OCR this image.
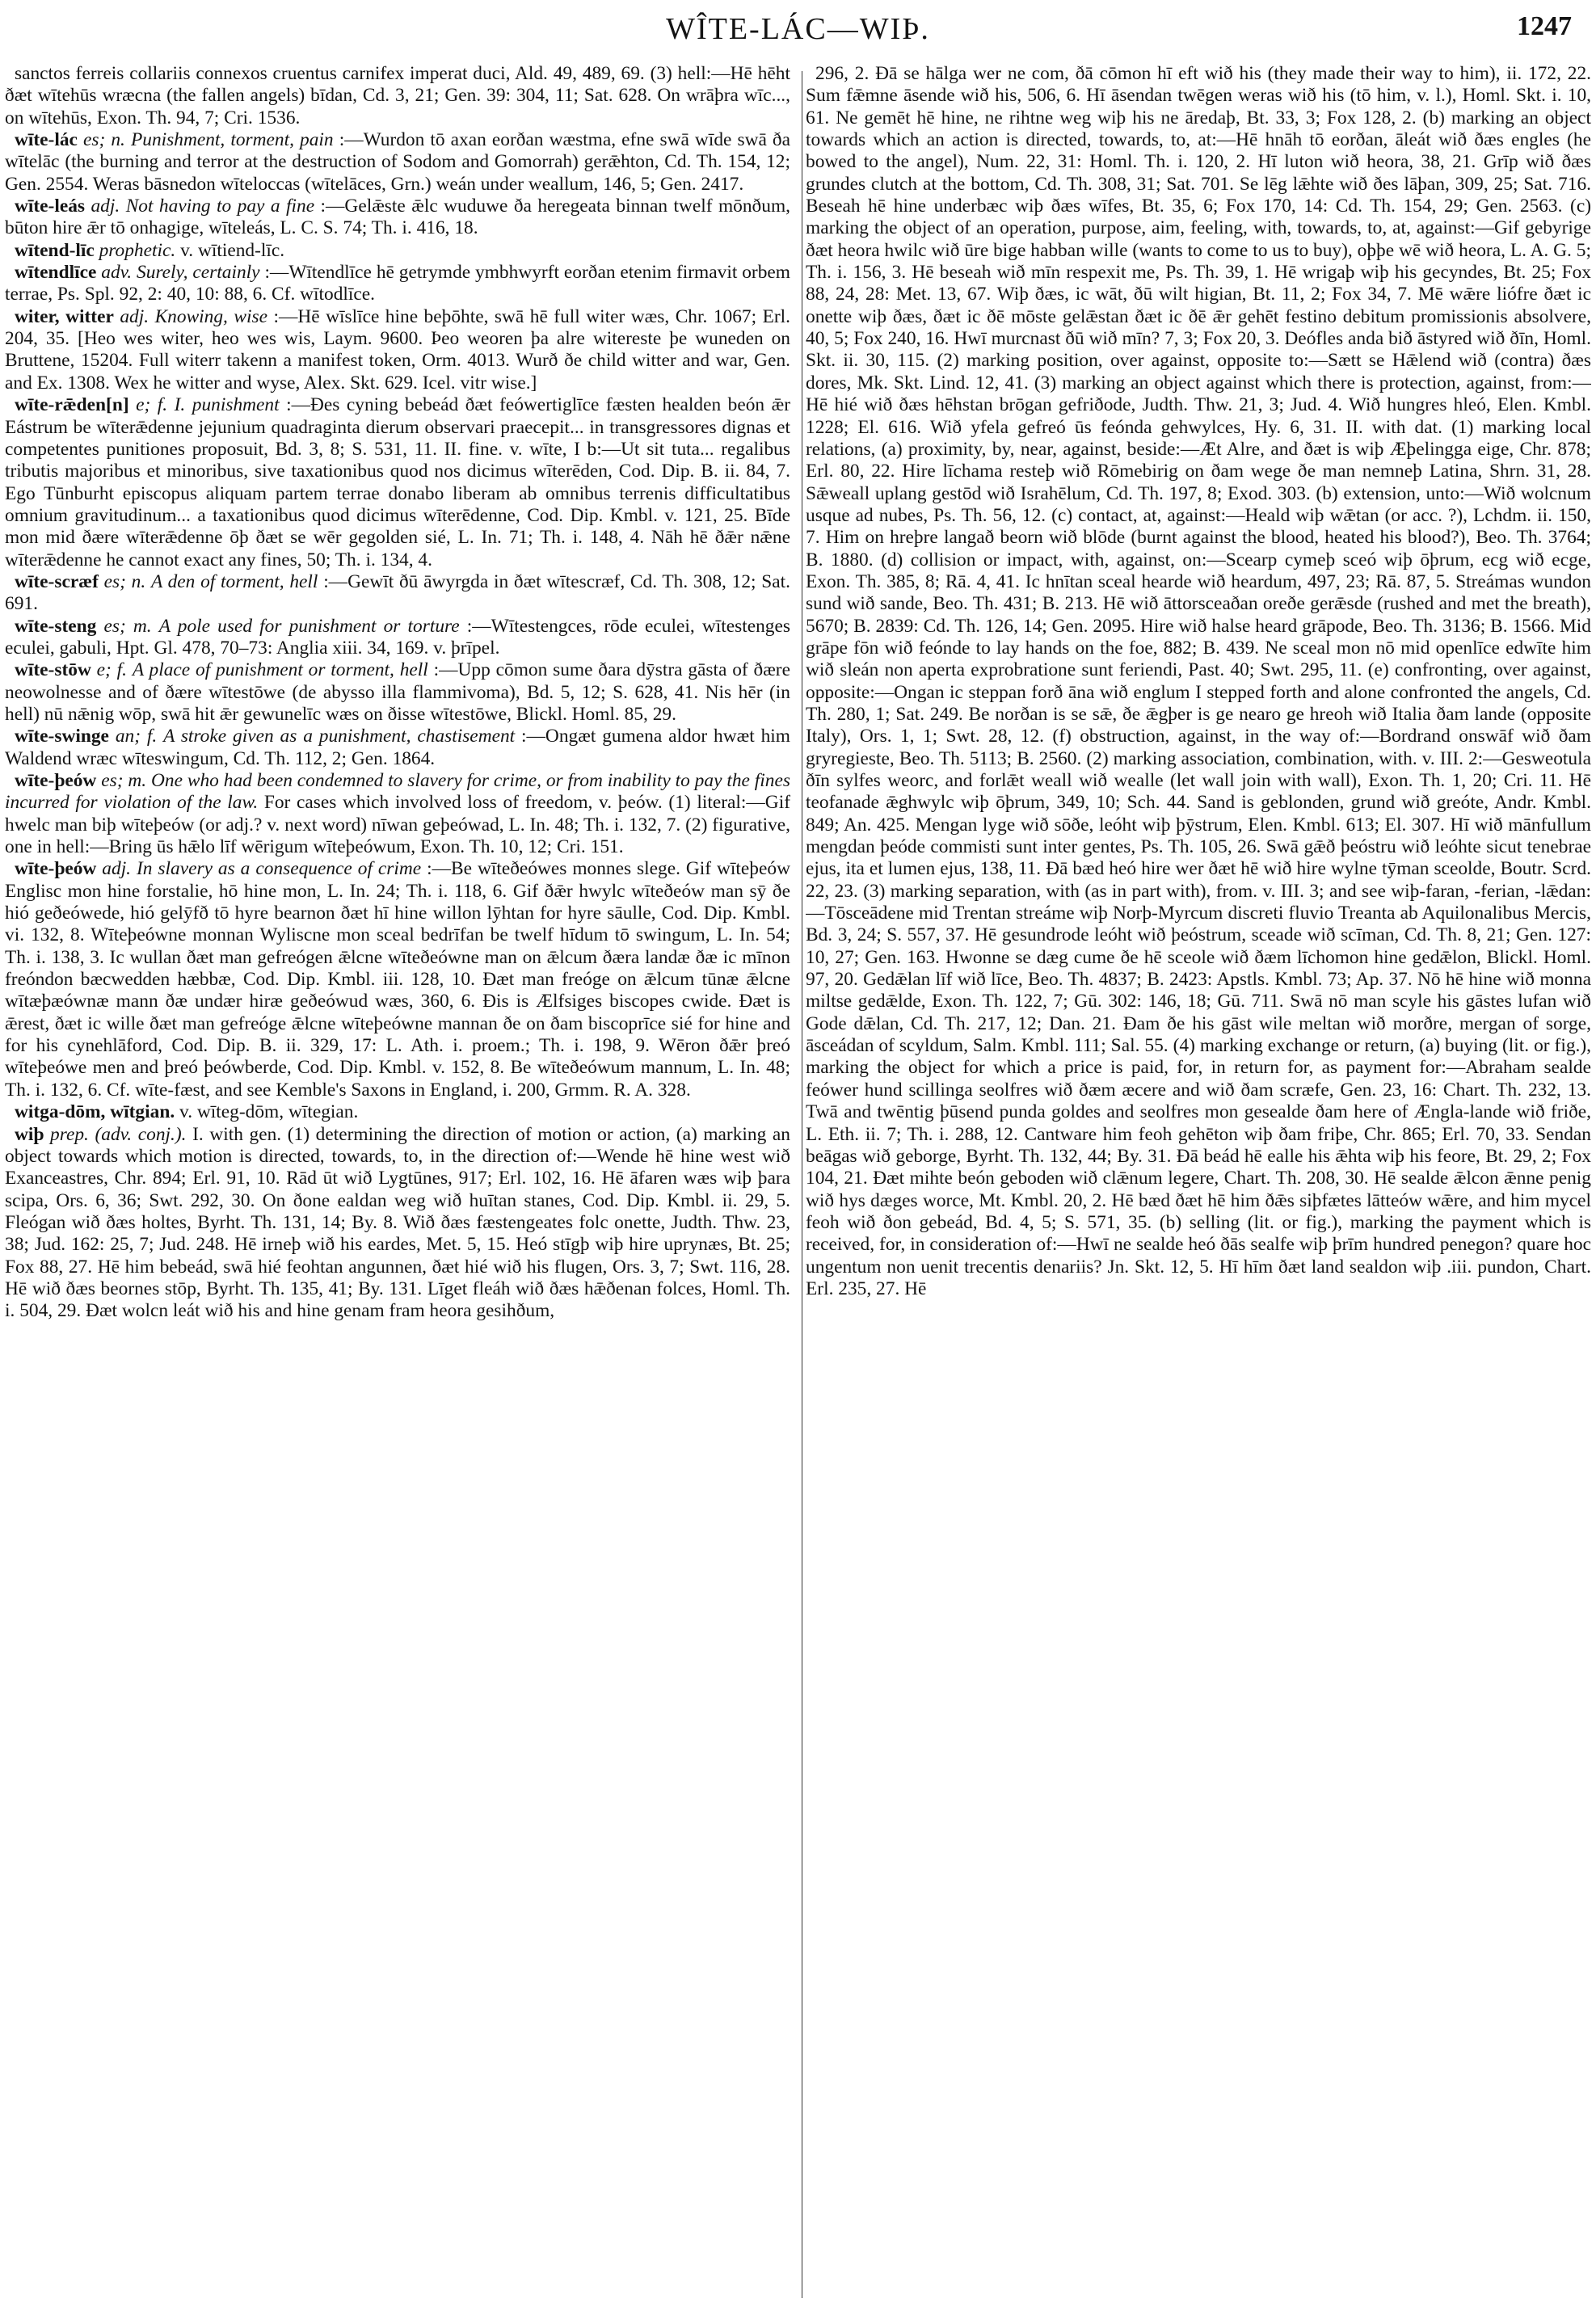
WÎTE-LÁC—WIÞ.	1247

sanctos ferreis collariis connexos cruentus carnifex imperat duci, Ald. 49, 489, 69. (3) hell:—Hē hēht ðæt wītehūs wræcna (the fallen angels) bīdan, Cd. 3, 21; Gen. 39: 304, 11; Sat. 628. On wrāþra wīc..., on wītehūs, Exon. Th. 94, 7; Cri. 1536.

wīte-lác es; n. Punishment, torment, pain :—Wurdon tō axan eorðan wæstma, efne swā wīde swā ða wītelāc (the burning and terror at the destruction of Sodom and Gomorrah) gerǣhton, Cd. Th. 154, 12; Gen. 2554. Weras bāsnedon wīteloccas (wītelāces, Grn.) weán under weallum, 146, 5; Gen. 2417.

wīte-leás adj. Not having to pay a fine :—Gelǣste ǣlc wuduwe ða heregeata binnan twelf mōnðum, būton hire ǣr tō onhagige, wīteleás, L. C. S. 74; Th. i. 416, 18.

wītend-līc prophetic. v. wītiend-līc.

wītendlīce adv. Surely, certainly :—Wītendlīce hē getrymde ymbhwyrft eorðan etenim firmavit orbem terrae, Ps. Spl. 92, 2: 40, 10: 88, 6. Cf. wītodlīce.

witer, witter adj. Knowing, wise :—Hē wīslīce hine beþōhte, swā hē full witer wæs, Chr. 1067; Erl. 204, 35. [Heo wes witer, heo wes wis, Laym. 9600. Þeo weoren þa alre witereste þe wuneden on Bruttene, 15204. Full witerr takenn a manifest token, Orm. 4013. Wurð ðe child witter and war, Gen. and Ex. 1308. Wex he witter and wyse, Alex. Skt. 629. Icel. vitr wise.]

wīte-rǣden[n] e; f. I. punishment :—Ðes cyning bebeád ðæt feówertiglīce fæsten healden beón ǣr Eástrum be wīterǣdenne jejunium quadraginta dierum observari praecepit... in transgressores dignas et competentes punitiones proposuit, Bd. 3, 8; S. 531, 11. II. fine. v. wīte, I b:—Ut sit tuta... regalibus tributis majoribus et minoribus, sive taxationibus quod nos dicimus wīterēden, Cod. Dip. B. ii. 84, 7. Ego Tūnburht episcopus aliquam partem terrae donabo liberam ab omnibus terrenis difficultatibus omnium gravitudinum... a taxationibus quod dicimus wīterēdenne, Cod. Dip. Kmbl. v. 121, 25. Bīde mon mid ðære wīterǣdenne ōþ ðæt se wēr gegolden sié, L. In. 71; Th. i. 148, 4. Nāh hē ðǣr nǣne wīterǣdenne he cannot exact any fines, 50; Th. i. 134, 4.

wīte-scræf es; n. A den of torment, hell :—Gewīt ðū āwyrgda in ðæt wītescræf, Cd. Th. 308, 12; Sat. 691.

wīte-steng es; m. A pole used for punishment or torture :—Wītestengces, rōde eculei, wītestenges eculei, gabuli, Hpt. Gl. 478, 70–73: Anglia xiii. 34, 169. v. þrīpel.

wīte-stōw e; f. A place of punishment or torment, hell :—Upp cōmon sume ðara dȳstra gāsta of ðære neowolnesse and of ðære wītestōwe (de abysso illa flammivoma), Bd. 5, 12; S. 628, 41. Nis hēr (in hell) nū nǣnig wōp, swā hit ǣr gewunelīc wæs on ðisse wītestōwe, Blickl. Homl. 85, 29.

wīte-swinge an; f. A stroke given as a punishment, chastisement :—Ongæt gumena aldor hwæt him Waldend wræc wīteswingum, Cd. Th. 112, 2; Gen. 1864.

wīte-þeów es; m. One who had been condemned to slavery for crime, or from inability to pay the fines incurred for violation of the law. For cases which involved loss of freedom, v. þeów. (1) literal:—Gif hwelc man biþ wīteþeów (or adj.? v. next word) nīwan geþeówad, L. In. 48; Th. i. 132, 7. (2) figurative, one in hell:—Bring ūs hǣlo līf wērigum wīteþeówum, Exon. Th. 10, 12; Cri. 151.

wīte-þeów adj. In slavery as a consequence of crime :—Be wīteðeówes monnes slege. Gif wīteþeów Englisc mon hine forstalie, hō hine mon, L. In. 24; Th. i. 118, 6. Gif ðǣr hwylc wīteðeów man sȳ ðe hió geðeówede, hió gelȳfð tō hyre bearnon ðæt hī hine willon lȳhtan for hyre sāulle, Cod. Dip. Kmbl. vi. 132, 8. Wīteþeówne monnan Wyliscne mon sceal bedrīfan be twelf hīdum tō swingum, L. In. 54; Th. i. 138, 3. Ic wullan ðæt man gefreógen ǣlcne wīteðeówne man on ǣlcum ðæra landæ ðæ ic mīnon freóndon bæcwedden hæbbæ, Cod. Dip. Kmbl. iii. 128, 10. Ðæt man freóge on ǣlcum tūnæ ǣlcne wītæþæównæ mann ðæ undær hiræ geðeówud wæs, 360, 6. Ðis is Ælfsiges biscopes cwide. Ðæt is ǣrest, ðæt ic wille ðæt man gefreóge ǣlcne wīteþeówne mannan ðe on ðam biscoprīce sié for hine and for his cynehlāford, Cod. Dip. B. ii. 329, 17: L. Ath. i. proem.; Th. i. 198, 9. Wēron ðǣr þreó wīteþeówe men and þreó þeówberde, Cod. Dip. Kmbl. v. 152, 8. Be wīteðeówum mannum, L. In. 48; Th. i. 132, 6. Cf. wīte-fæst, and see Kemble's Saxons in England, i. 200, Grmm. R. A. 328.

witga-dōm, wītgian. v. wīteg-dōm, wītegian.

wiþ prep. (adv. conj.). I. with gen. (1) determining the direction of motion or action, (a) marking an object towards which motion is directed, towards, to, in the direction of:—Wende hē hine west wið Exanceastres, Chr. 894; Erl. 91, 10. Rād ūt wið Lygtūnes, 917; Erl. 102, 16. Hē āfaren wæs wiþ þara scipa, Ors. 6, 36; Swt. 292, 30. On ðone ealdan weg wið huītan stanes, Cod. Dip. Kmbl. ii. 29, 5. Fleógan wið ðæs holtes, Byrht. Th. 131, 14; By. 8. Wið ðæs fæstengeates folc onette, Judth. Thw. 23, 38; Jud. 162: 25, 7; Jud. 248. Hē irneþ wið his eardes, Met. 5, 15. Heó stīgþ wiþ hire uprynæs, Bt. 25; Fox 88, 27. Hē him bebeád, swā hié feohtan angunnen, ðæt hié wið his flugen, Ors. 3, 7; Swt. 116, 28. Hē wið ðæs beornes stōp, Byrht. Th. 135, 41; By. 131. Līget fleáh wið ðæs hǣðenan folces, Homl. Th. i. 504, 29. Ðæt wolcn leát wið his and hine genam fram heora gesihðum,

296, 2. Ðā se hālga wer ne com, ðā cōmon hī eft wið his (they made their way to him), ii. 172, 22. Sum fǣmne āsende wið his, 506, 6. Hī āsendan twēgen weras wið his (tō him, v. l.), Homl. Skt. i. 10, 61. Ne gemēt hē hine, ne rihtne weg wiþ his ne āredaþ, Bt. 33, 3; Fox 128, 2. (b) marking an object towards which an action is directed, towards, to, at:—Hē hnāh tō eorðan, āleát wið ðæs engles (he bowed to the angel), Num. 22, 31: Homl. Th. i. 120, 2. Hī luton wið heora, 38, 21. Grīp wið ðæs grundes clutch at the bottom, Cd. Th. 308, 31; Sat. 701. Se lēg lǣhte wið ðes lāþan, 309, 25; Sat. 716. Beseah hē hine underbæc wiþ ðæs wīfes, Bt. 35, 6; Fox 170, 14: Cd. Th. 154, 29; Gen. 2563. (c) marking the object of an operation, purpose, aim, feeling, with, towards, to, at, against:—Gif gebyrige ðæt heora hwilc wið ūre bige habban wille (wants to come to us to buy), oþþe wē wið heora, L. A. G. 5; Th. i. 156, 3. Hē beseah wið mīn respexit me, Ps. Th. 39, 1. Hē wrigaþ wiþ his gecyndes, Bt. 25; Fox 88, 24, 28: Met. 13, 67. Wiþ ðæs, ic wāt, ðū wilt higian, Bt. 11, 2; Fox 34, 7. Mē wǣre liófre ðæt ic onette wiþ ðæs, ðæt ic ðē mōste gelǣstan ðæt ic ðē ǣr gehēt festino debitum promissionis absolvere, 40, 5; Fox 240, 16. Hwī murcnast ðū wið mīn? 7, 3; Fox 20, 3. Deófles anda bið āstyred wið ðīn, Homl. Skt. ii. 30, 115. (2) marking position, over against, opposite to:—Sætt se Hǣlend wið (contra) ðæs dores, Mk. Skt. Lind. 12, 41. (3) marking an object against which there is protection, against, from:—Hē hié wið ðæs hēhstan brōgan gefriðode, Judth. Thw. 21, 3; Jud. 4. Wið hungres hleó, Elen. Kmbl. 1228; El. 616. Wið yfela gefreó ūs feónda gehwylces, Hy. 6, 31. II. with dat. (1) marking local relations, (a) proximity, by, near, against, beside:—Æt Alre, and ðæt is wiþ Æþelingga eige, Chr. 878; Erl. 80, 22. Hire līchama resteþ wið Rōmebirig on ðam wege ðe man nemneþ Latina, Shrn. 31, 28. Sǣweall uplang gestōd wið Israhēlum, Cd. Th. 197, 8; Exod. 303. (b) extension, unto:—Wið wolcnum usque ad nubes, Ps. Th. 56, 12. (c) contact, at, against:—Heald wiþ wǣtan (or acc. ?), Lchdm. ii. 150, 7. Him on hreþre langað beorn wið blōde (burnt against the blood, heated his blood?), Beo. Th. 3764; B. 1880. (d) collision or impact, with, against, on:—Scearp cymeþ sceó wiþ ōþrum, ecg wið ecge, Exon. Th. 385, 8; Rā. 4, 41. Ic hnītan sceal hearde wið heardum, 497, 23; Rā. 87, 5. Streámas wundon sund wið sande, Beo. Th. 431; B. 213. Hē wið āttorsceaðan oreðe gerǣsde (rushed and met the breath), 5670; B. 2839: Cd. Th. 126, 14; Gen. 2095. Hire wið halse heard grāpode, Beo. Th. 3136; B. 1566. Mid grāpe fōn wið feónde to lay hands on the foe, 882; B. 439. Ne sceal mon nō mid openlīce edwīte him wið sleán non aperta exprobratione sunt feriendi, Past. 40; Swt. 295, 11. (e) confronting, over against, opposite:—Ongan ic steppan forð āna wið englum I stepped forth and alone confronted the angels, Cd. Th. 280, 1; Sat. 249. Be norðan is se sǣ, ðe ǣgþer is ge nearo ge hreoh wið Italia ðam lande (opposite Italy), Ors. 1, 1; Swt. 28, 12. (f) obstruction, against, in the way of:—Bordrand onswāf wið ðam gryregieste, Beo. Th. 5113; B. 2560. (2) marking association, combination, with. v. III. 2:—Gesweotula ðīn sylfes weorc, and forlǣt weall wið wealle (let wall join with wall), Exon. Th. 1, 20; Cri. 11. Hē teofanade ǣghwylc wiþ ōþrum, 349, 10; Sch. 44. Sand is geblonden, grund wið greóte, Andr. Kmbl. 849; An. 425. Mengan lyge wið sōðe, leóht wiþ þȳstrum, Elen. Kmbl. 613; El. 307. Hī wið mānfullum mengdan þeóde commisti sunt inter gentes, Ps. Th. 105, 26. Swā gǣð þeóstru wið leóhte sicut tenebrae ejus, ita et lumen ejus, 138, 11. Ðā bæd heó hire wer ðæt hē wið hire wylne tȳman sceolde, Boutr. Scrd. 22, 23. (3) marking separation, with (as in part with), from. v. III. 3; and see wiþ-faran, -ferian, -lǣdan:—Tōsceādene mid Trentan streáme wiþ Norþ-Myrcum discreti fluvio Treanta ab Aquilonalibus Mercis, Bd. 3, 24; S. 557, 37. Hē gesundrode leóht wið þeóstrum, sceade wið scīman, Cd. Th. 8, 21; Gen. 127: 10, 27; Gen. 163. Hwonne se dæg cume ðe hē sceole wið ðæm līchomon hine gedǣlon, Blickl. Homl. 97, 20. Gedǣlan līf wið līce, Beo. Th. 4837; B. 2423: Apstls. Kmbl. 73; Ap. 37. Nō hē hine wið monna miltse gedǣlde, Exon. Th. 122, 7; Gū. 302: 146, 18; Gū. 711. Swā nō man scyle his gāstes lufan wið Gode dǣlan, Cd. Th. 217, 12; Dan. 21. Ðam ðe his gāst wile meltan wið morðre, mergan of sorge, āsceádan of scyldum, Salm. Kmbl. 111; Sal. 55. (4) marking exchange or return, (a) buying (lit. or fig.), marking the object for which a price is paid, for, in return for, as payment for:—Abraham sealde feówer hund scillinga seolfres wið ðæm æcere and wið ðam scræfe, Gen. 23, 16: Chart. Th. 232, 13. Twā and twēntig þūsend punda goldes and seolfres mon gesealde ðam here of Ængla-lande wið friðe, L. Eth. ii. 7; Th. i. 288, 12. Cantware him feoh gehēton wiþ ðam friþe, Chr. 865; Erl. 70, 33. Sendan beāgas wið geborge, Byrht. Th. 132, 44; By. 31. Ðā beád hē ealle his ǣhta wiþ his feore, Bt. 29, 2; Fox 104, 21. Ðæt mihte beón geboden wið clǣnum legere, Chart. Th. 208, 30. Hē sealde ǣlcon ǣnne penig wið hys dæges worce, Mt. Kmbl. 20, 2. Hē bæd ðæt hē him ðǣs siþfætes lātteów wǣre, and him mycel feoh wið ðon gebeád, Bd. 4, 5; S. 571, 35. (b) selling (lit. or fig.), marking the payment which is received, for, in consideration of:—Hwī ne sealde heó ðās sealfe wiþ þrīm hundred penegon? quare hoc ungentum non uenit trecentis denariis? Jn. Skt. 12, 5. Hī hīm ðæt land sealdon wiþ .iii. pundon, Chart. Erl. 235, 27. Hē
